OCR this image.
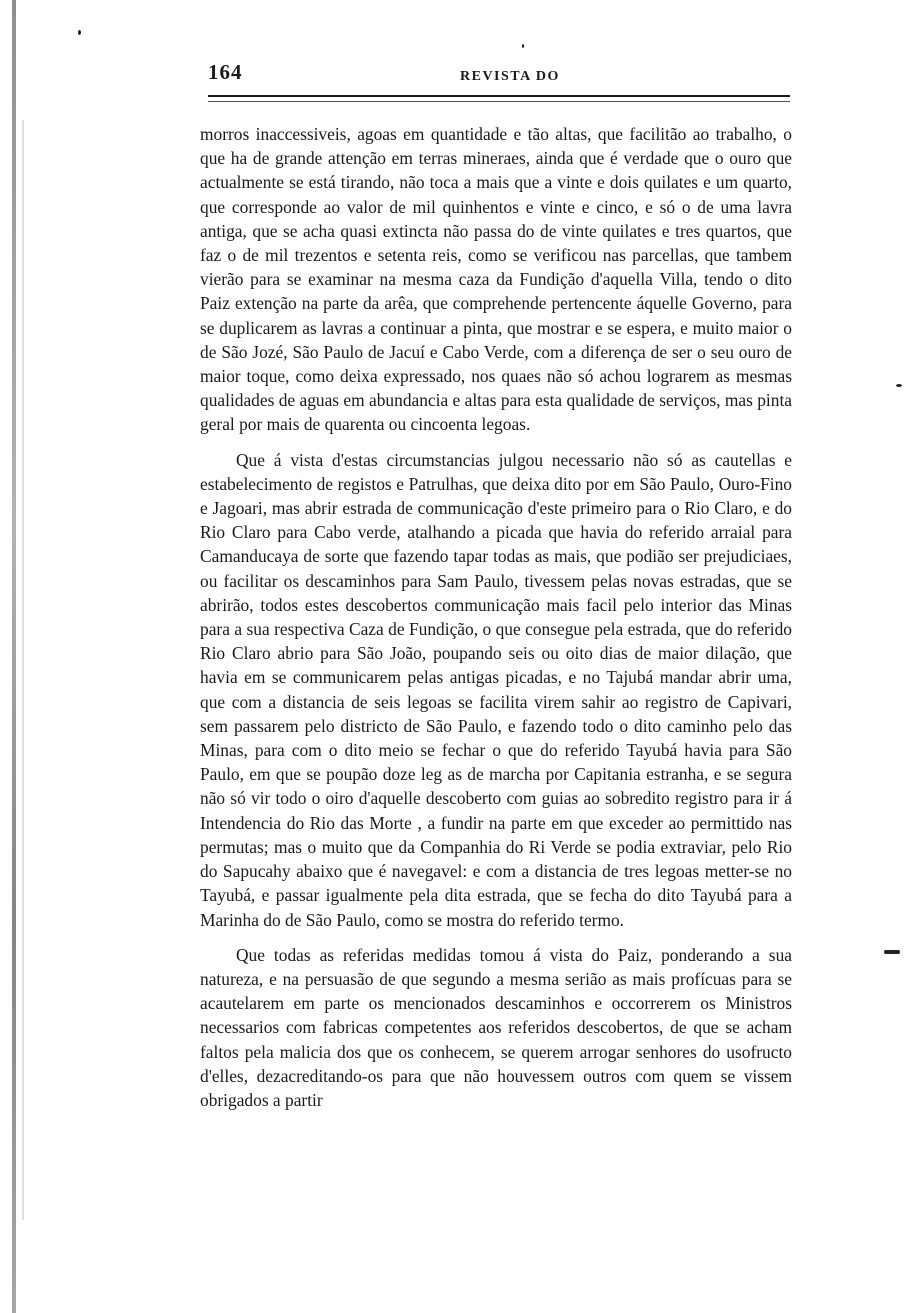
164	REVISTA DO

morros inaccessiveis, agoas em quantidade e tão altas, que facilitão ao trabalho, o que ha de grande attenção em terras mineraes, ainda que é verdade que o ouro que actualmente se está tirando, não toca a mais que a vinte e dois quilates e um quarto, que corresponde ao valor de mil quinhentos e vinte e cinco, e só o de uma lavra antiga, que se acha quasi extincta não passa do de vinte quilates e tres quartos, que faz o de mil trezentos e setenta reis, como se verificou nas parcellas, que tambem vierão para se examinar na mesma caza da Fundição d'aquella Villa, tendo o dito Paiz extenção na parte da arêa, que comprehende pertencente áquelle Governo, para se duplicarem as lavras a continuar a pinta, que mostrar e se espera, e muito maior o de São Jozé, São Paulo de Jacuí e Cabo Verde, com a diferença de ser o seu ouro de maior toque, como deixa expressado, nos quaes não só achou lograrem as mesmas qualidades de aguas em abundancia e altas para esta qualidade de serviços, mas pinta geral por mais de quarenta ou cincoenta legoas.

Que á vista d'estas circumstancias julgou necessario não só as cautellas e estabelecimento de registos e Patrulhas, que deixa dito por em São Paulo, Ouro-Fino e Jagoari, mas abrir estrada de communicação d'este primeiro para o Rio Claro, e do Rio Claro para Cabo verde, atalhando a picada que havia do referido arraial para Camanducaya de sorte que fazendo tapar todas as mais, que podião ser prejudiciaes, ou facilitar os descaminhos para Sam Paulo, tivessem pelas novas estradas, que se abrirão, todos estes descobertos communicação mais facil pelo interior das Minas para a sua respectiva Caza de Fundição, o que consegue pela estrada, que do referido Rio Claro abrio para São João, poupando seis ou oito dias de maior dilação, que havia em se communicarem pelas antigas picadas, e no Tajubá mandar abrir uma, que com a distancia de seis legoas se facilita virem sahir ao registro de Capivari, sem passarem pelo districto de São Paulo, e fazendo todo o dito caminho pelo das Minas, para com o dito meio se fechar o que do referido Tayubá havia para São Paulo, em que se poupão doze leg as de marcha por Capitania estranha, e se segura não só vir todo o oiro d'aquelle descoberto com guias ao sobredito registro para ir á Intendencia do Rio das Morte , a fundir na parte em que exceder ao permittido nas permutas; mas o muito que da Companhia do Ri Verde se podia extraviar, pelo Rio do Sapucahy abaixo que é navegavel: e com a distancia de tres legoas metter-se no Tayubá, e passar igualmente pela dita estrada, que se fecha do dito Tayubá para a Marinha do de São Paulo, como se mostra do referido termo.

Que todas as referidas medidas tomou á vista do Paiz, ponderando a sua natureza, e na persuasão de que segundo a mesma serião as mais profícuas para se acautelarem em parte os mencionados descaminhos e occorrerem os Ministros necessarios com fabricas competentes aos referidos descobertos, de que se acham faltos pela malicia dos que os conhecem, se querem arrogar senhores do usofructo d'elles, dezacreditando-os para que não houvessem outros com quem se vissem obrigados a partir
